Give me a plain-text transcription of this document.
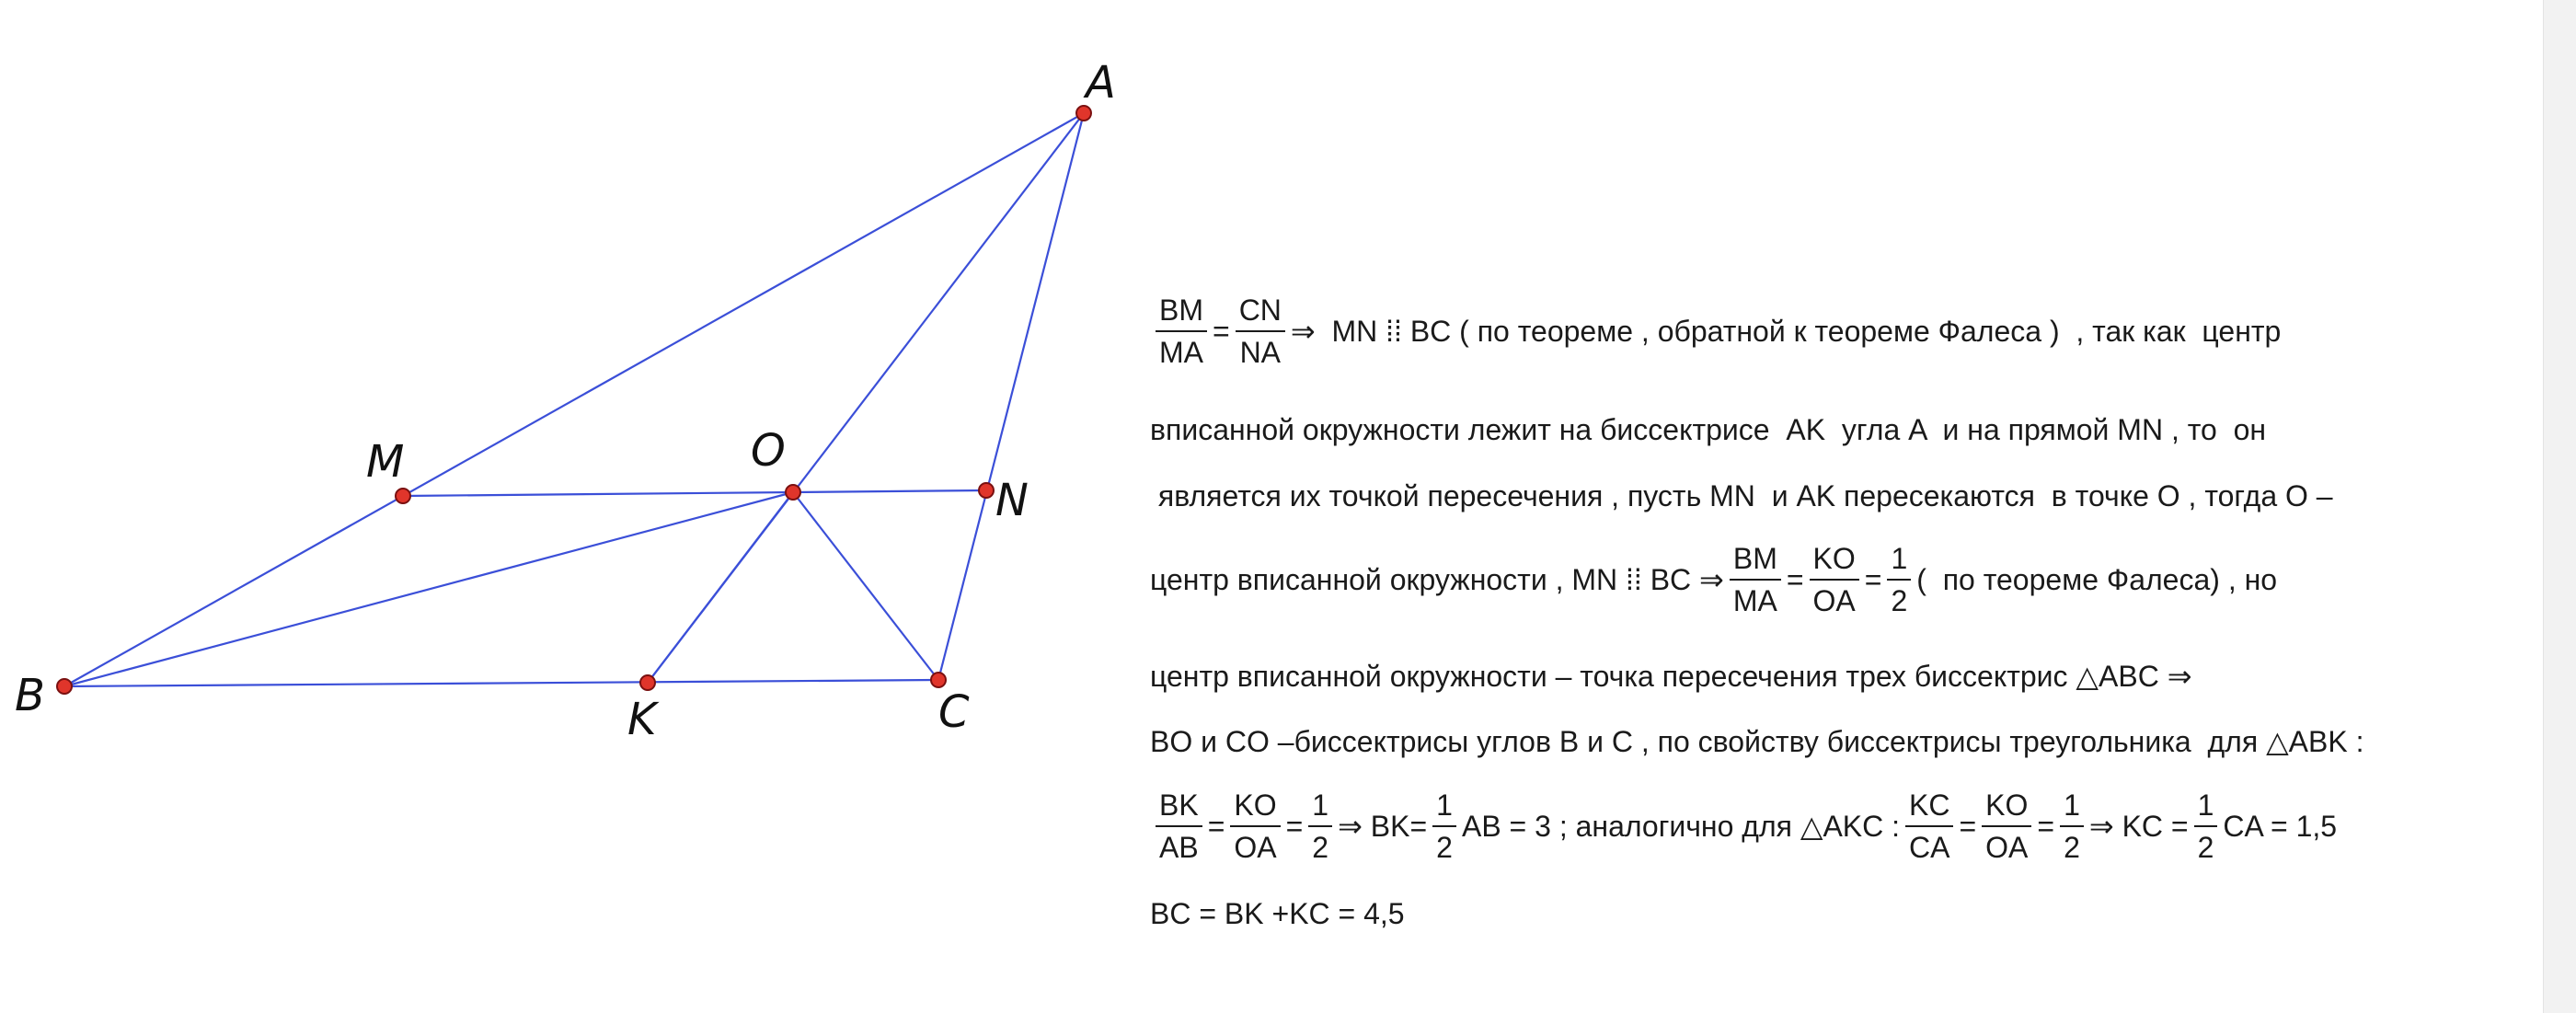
A
B	C
K
M
N
O
$\frac{BM}{MA} = \frac{CN}{NA}$ ⇒  MN ⁞⁞ BC ( по теореме , обратной к теореме Фалеса )  , так как  центр
вписанной окружности лежит на биссектрисе  AK  угла A  и на прямой MN , то  он
является их точкой пересечения , пусть MN  и AK пересекаются  в точке O , тогда O –
центр вписанной окружности , MN ⁞⁞ BC ⇒ $\frac{BM}{MA} = \frac{KO}{OA} = \frac{1}{2}$ (  по теореме Фалеса) , но
центр вписанной окружности – точка пересечения трех биссектрис △ABC ⇒
BO и CO –биссектрисы углов B и C , по свойству биссектрисы треугольника  для △ABK :
$\frac{BK}{AB} = \frac{KO}{OA} = \frac{1}{2}$ ⇒ $BK= \frac{1}{2}$ AB = 3 ; аналогично для △AKC : $\frac{KC}{CA} = \frac{KO}{OA} = \frac{1}{2}$ ⇒ KC = $\frac{1}{2}$ CA = 1,5
BC = BK +KC = 4,5
